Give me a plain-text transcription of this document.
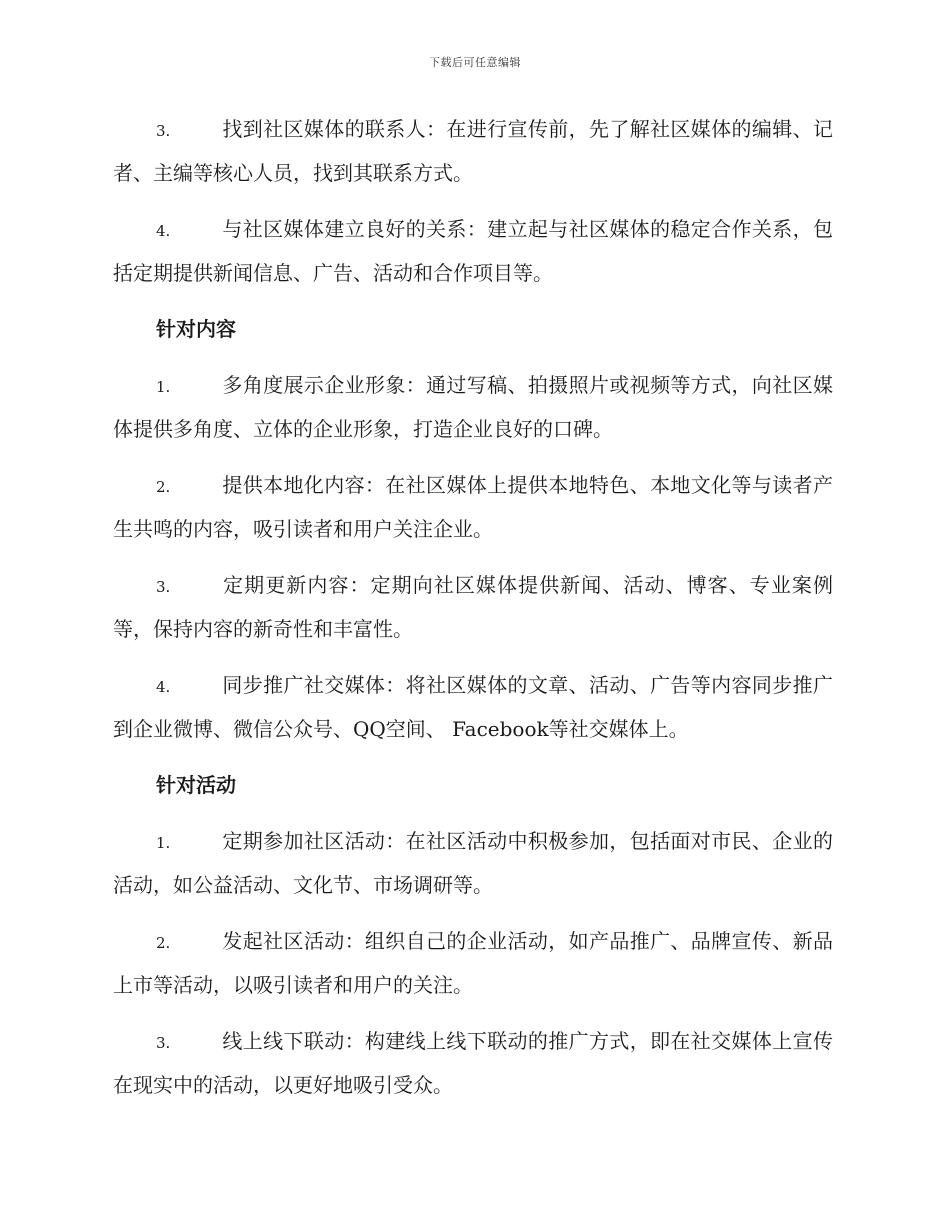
下载后可任意编辑

3.	找到社区媒体的联系人：在进行宣传前，先了解社区媒体的编辑、记者、主编等核心人员，找到其联系方式。

4.	与社区媒体建立良好的关系：建立起与社区媒体的稳定合作关系，包括定期提供新闻信息、广告、活动和合作项目等。

针对内容

1.	多角度展示企业形象：通过写稿、拍摄照片或视频等方式，向社区媒体提供多角度、立体的企业形象，打造企业良好的口碑。

2.	提供本地化内容：在社区媒体上提供本地特色、本地文化等与读者产生共鸣的内容，吸引读者和用户关注企业。

3.	定期更新内容：定期向社区媒体提供新闻、活动、博客、专业案例等，保持内容的新奇性和丰富性。

4.	同步推广社交媒体：将社区媒体的文章、活动、广告等内容同步推广到企业微博、微信公众号、QQ空间、 Facebook等社交媒体上。

针对活动

1.	定期参加社区活动：在社区活动中积极参加，包括面对市民、企业的活动，如公益活动、文化节、市场调研等。

2.	发起社区活动：组织自己的企业活动，如产品推广、品牌宣传、新品上市等活动，以吸引读者和用户的关注。

3.	线上线下联动：构建线上线下联动的推广方式，即在社交媒体上宣传在现实中的活动，以更好地吸引受众。
